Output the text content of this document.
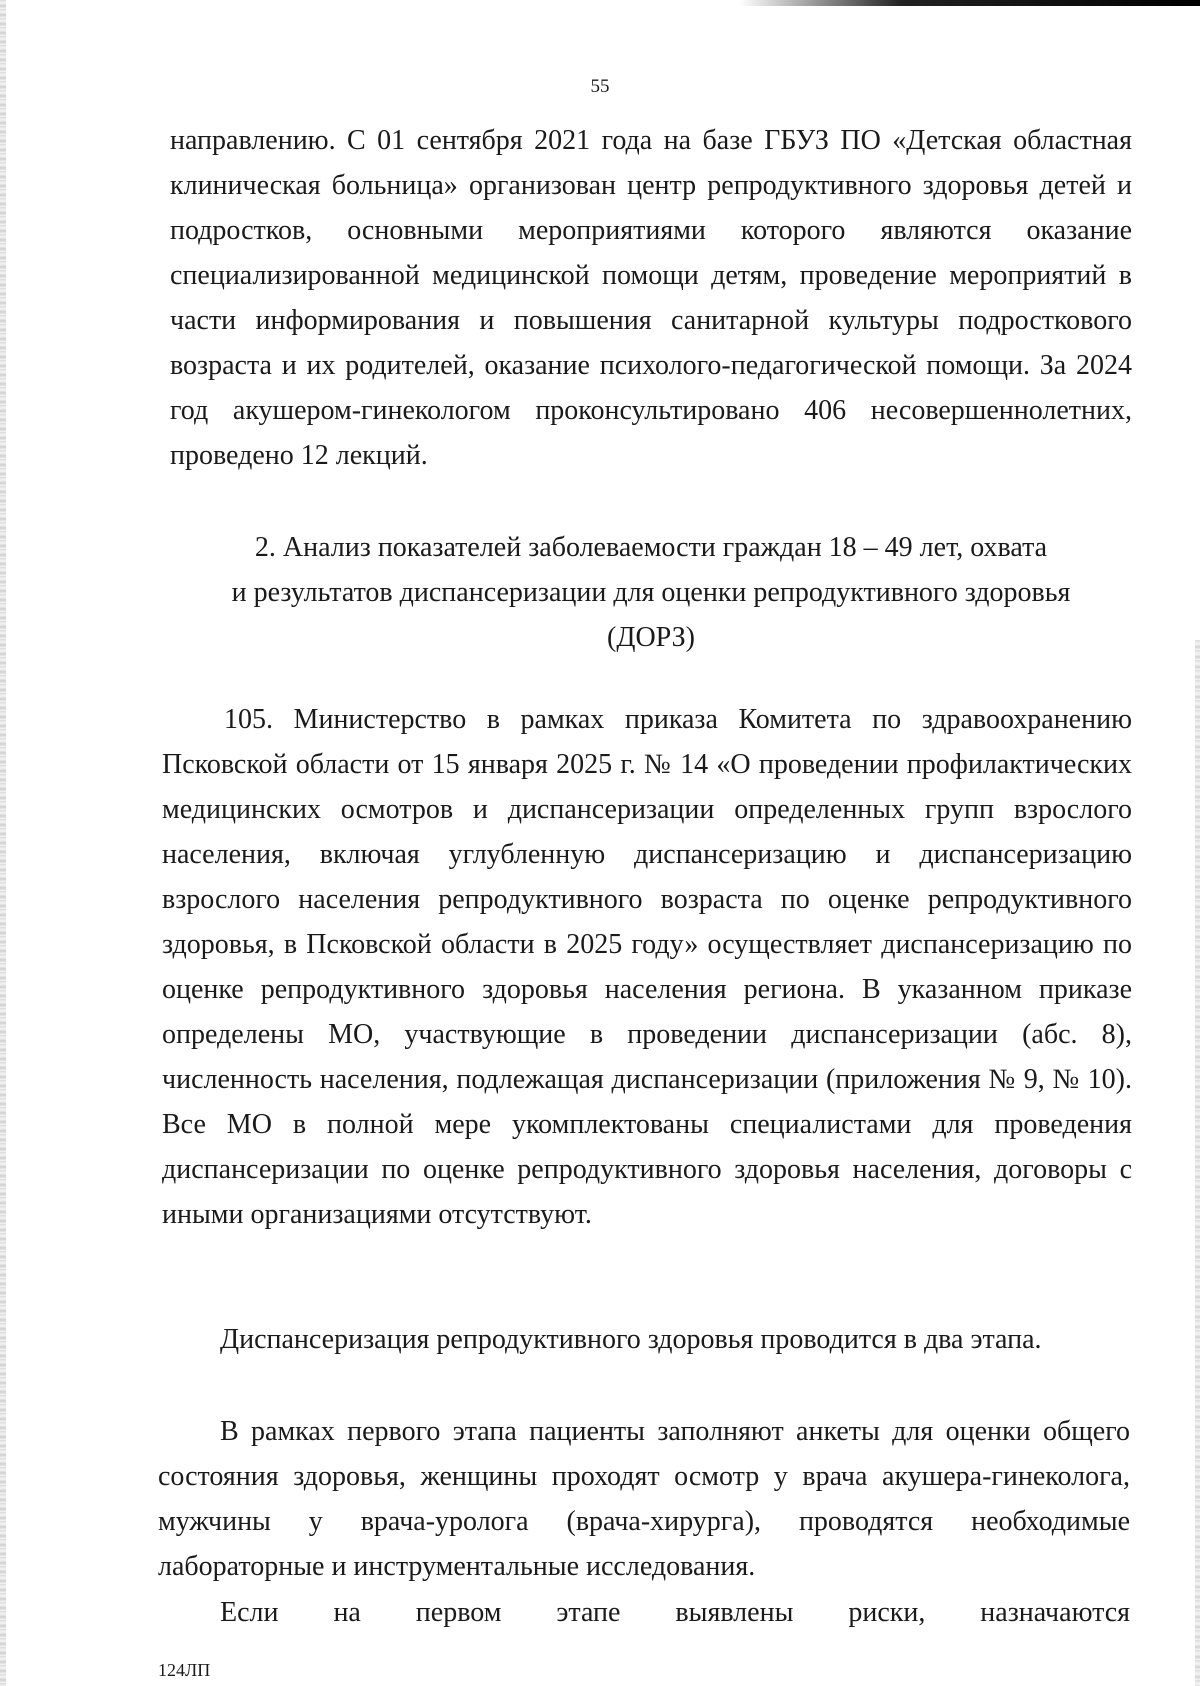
55

направлению. С 01 сентября 2021 года на базе ГБУЗ ПО «Детская областная клиническая больница» организован центр репродуктивного здоровья детей и подростков, основными мероприятиями которого являются оказание специализированной медицинской помощи детям, проведение мероприятий в части информирования и повышения санитарной культуры подросткового возраста и их родителей, оказание психолого-педагогической помощи. За 2024 год акушером-гинекологом проконсультировано 406 несовершеннолетних, проведено 12 лекций.

2. Анализ показателей заболеваемости граждан 18 – 49 лет, охвата
и результатов диспансеризации для оценки репродуктивного здоровья
(ДОРЗ)

105. Министерство в рамках приказа Комитета по здравоохранению Псковской области от 15 января 2025 г. № 14 «О проведении профилактических медицинских осмотров и диспансеризации определенных групп взрослого населения, включая углубленную диспансеризацию и диспансеризацию взрослого населения репродуктивного возраста по оценке репродуктивного здоровья, в Псковской области в 2025 году» осуществляет диспансеризацию по оценке репродуктивного здоровья населения региона. В указанном приказе определены МО, участвующие в проведении диспансеризации (абс. 8), численность населения, подлежащая диспансеризации (приложения № 9, № 10). Все МО в полной мере укомплектованы специалистами для проведения диспансеризации по оценке репродуктивного здоровья населения, договоры с иными организациями отсутствуют.

Диспансеризация репродуктивного здоровья проводится в два этапа.

В рамках первого этапа пациенты заполняют анкеты для оценки общего состояния здоровья, женщины проходят осмотр у врача акушера-гинеколога, мужчины у врача-уролога (врача-хирурга), проводятся необходимые лабораторные и инструментальные исследования.

Если на первом этапе выявлены риски, назначаются

124ЛП
